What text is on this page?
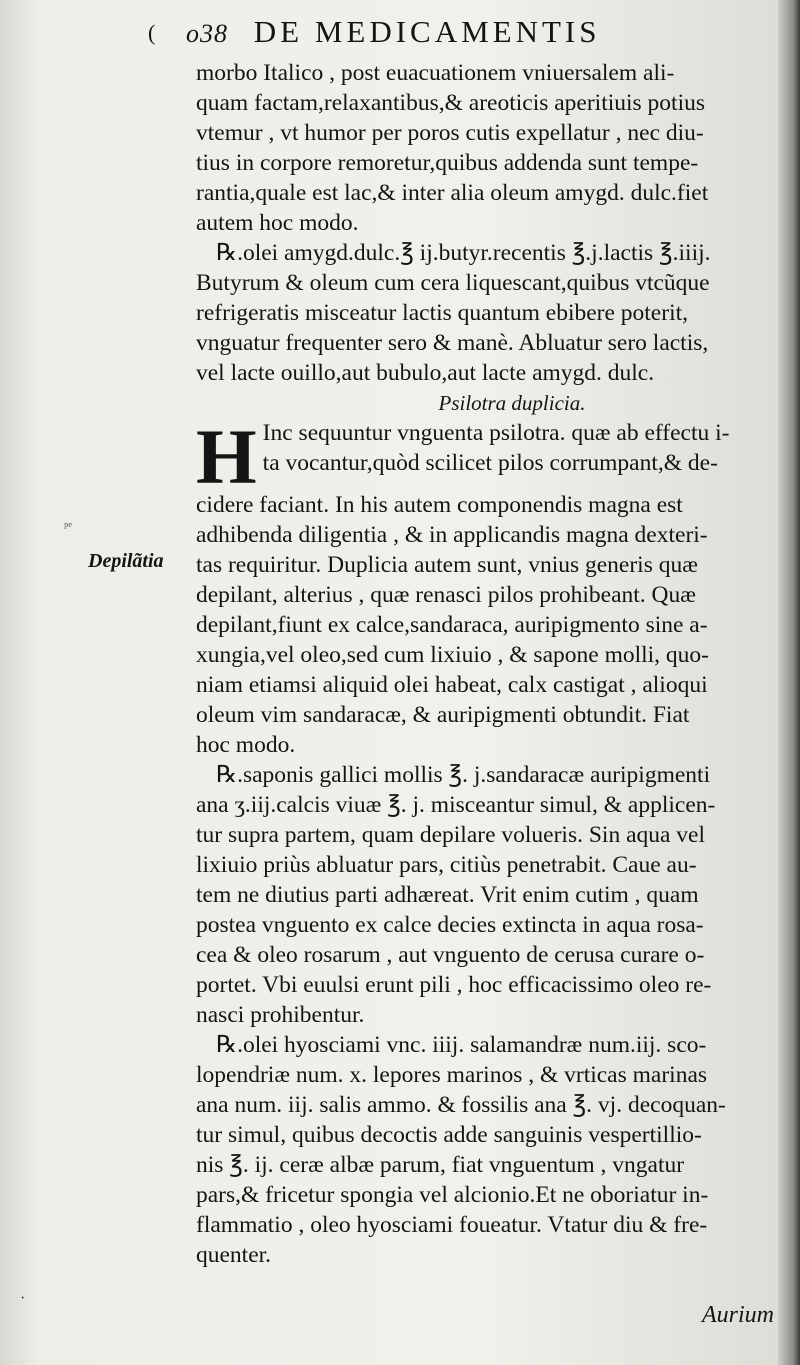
(	o38 DE MEDICAMENTIS
ᵖᵉ
Depilãtia
morbo Italico , post euacuationem vniuersalem ali-
quam factam,relaxantibus,& areoticis aperitiuis potius
vtemur , vt humor per poros cutis expellatur , nec diu-
tius in corpore remoretur,quibus addenda sunt tempe-
rantia,quale est lac,& inter alia oleum amygd. dulc.fiet
autem hoc modo.
℞.olei amygd.dulc.℥ ij.butyr.recentis ℥.j.lactis ℥.iiij.
Butyrum & oleum cum cera liquescant,quibus vtcũque
refrigeratis misceatur lactis quantum ebibere poterit,
vnguatur frequenter sero & manè. Abluatur sero lactis,
vel lacte ouillo,aut bubulo,aut lacte amygd. dulc.
Psilotra duplicia.
H Inc sequuntur vnguenta psilotra. quæ ab effectu i-
ta vocantur,quòd scilicet pilos corrumpant,& de-
cidere faciant. In his autem componendis magna est
adhibenda diligentia , & in applicandis magna dexteri-
tas requiritur. Duplicia autem sunt, vnius generis quæ
depilant, alterius , quæ renasci pilos prohibeant. Quæ
depilant,fiunt ex calce,sandaraca, auripigmento sine a-
xungia,vel oleo,sed cum lixiuio , & sapone molli, quo-
niam etiamsi aliquid olei habeat, calx castigat , alioqui
oleum vim sandaracæ, & auripigmenti obtundit. Fiat
hoc modo.
℞.saponis gallici mollis ℥. j.sandaracæ auripigmenti
ana ʒ.iij.calcis viuæ ℥. j. misceantur simul, & applicen-
tur supra partem, quam depilare volueris. Sin aqua vel
lixiuio priùs abluatur pars, citiùs penetrabit. Caue au-
tem ne diutius parti adhæreat. Vrit enim cutim , quam
postea vnguento ex calce decies extincta in aqua rosa-
cea & oleo rosarum , aut vnguento de cerusa curare o-
portet. Vbi euulsi erunt pili , hoc efficacissimo oleo re-
nasci prohibentur.
℞.olei hyosciami vnc. iiij. salamandræ num.iij. sco-
lopendriæ num. x. lepores marinos , & vrticas marinas
ana num. iij. salis ammo. & fossilis ana ℥. vj. decoquan-
tur simul, quibus decoctis adde sanguinis vespertillio-
nis ℥. ij. ceræ albæ parum, fiat vnguentum , vngatur
pars,& fricetur spongia vel alcionio.Et ne oboriatur in-
flammatio , oleo hyosciami foueatur. Vtatur diu & fre-
quenter.
·
Aurium
